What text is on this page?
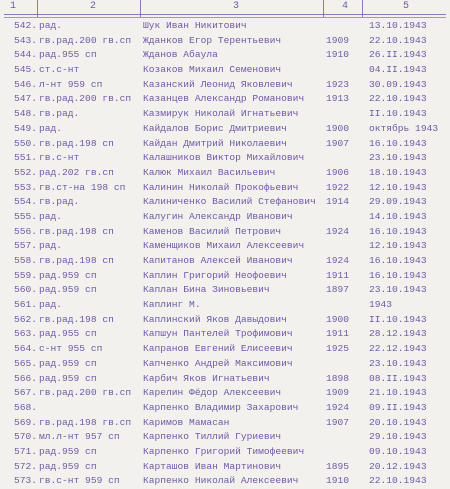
1	2	3	4	5
542. рад.	Шук Иван Никитович	13.10.1943
543. гв.рад.200 гв.сп	Жданков Егор Терентьевич	1909	22.10.1943
544. рад.955 сп	Жданов Абаула	1910	26.II.1943
545. ст.с-нт	Козаков Михаил Семенович	04.II.1943
546. л-нт 959 сп	Казанский Леонид Яковлевич	1923	30.09.1943
547. гв.рад.200 гв.сп	Казанцев Александр Романович	1913	22.10.1943
548. гв.рад.	Казмирук Николай Игнатьевич	II.10.1943
549. рад.	Кайдалов Борис Дмитриевич	1900	октябрь 1943
550. гв.рад.198 сп	Кайдан Дмитрий Николаевич	1907	16.10.1943
551. гв.с-нт	Калашников Виктор Михайлович	23.10.1943
552. рад.202 гв.сп	Калюк Михаил Васильевич	1906	18.10.1943
553. гв.ст-на 198 сп	Калинин Николай Прокофьевич	1922	12.10.1943
554. гв.рад.	Калиниченко Василий Стефанович	1914	29.09.1943
555. рад.	Калугин Александр Иванович	14.10.1943
556. гв.рад.198 сп	Каменов Василий Петрович	1924	16.10.1943
557. рад.	Каменщиков Михаил Алексеевич	12.10.1943
558. гв.рад.198 сп	Капитанов Алексей Иванович	1924	16.10.1943
559. рад.959 сп	Каплин Григорий Неофоевич	1911	16.10.1943
560. рад.959 сп	Каплан Бина Зиновьевич	1897	23.10.1943
561. рад.	Каплинг М.	1943
562. гв.рад.198 сп	Каплинский Яков Давыдович	1900	II.10.1943
563. рад.955 сп	Капшун Пантелей Трофимович	1911	28.12.1943
564. с-нт 955 сп	Капранов Евгений Елисеевич	1925	22.12.1943
565. рад.959 сп	Капченко Андрей Максимович	23.10.1943
566. рад.959 сп	Карбич Яков Игнатьевич	1898	08.II.1943
567. гв.рад.200 гв.сп	Карелин Фёдор Алексеевич	1909	21.10.1943
568.	Карпенко Владимир Захарович	1924	09.II.1943
569. гв.рад.198 гв.сп	Каримов Мамасан	1907	20.10.1943
570. мл.л-нт 957 сп	Карпенко Тиллий Гуриевич	29.10.1943
571. рад.959 сп	Карпенко Григорий Тимофеевич	09.10.1943
572. рад.959 сп	Карташов Иван Мартинович	1895	20.12.1943
573. гв.с-нт 959 сп	Карпенко Николай Алексеевич	1910	22.10.1943
